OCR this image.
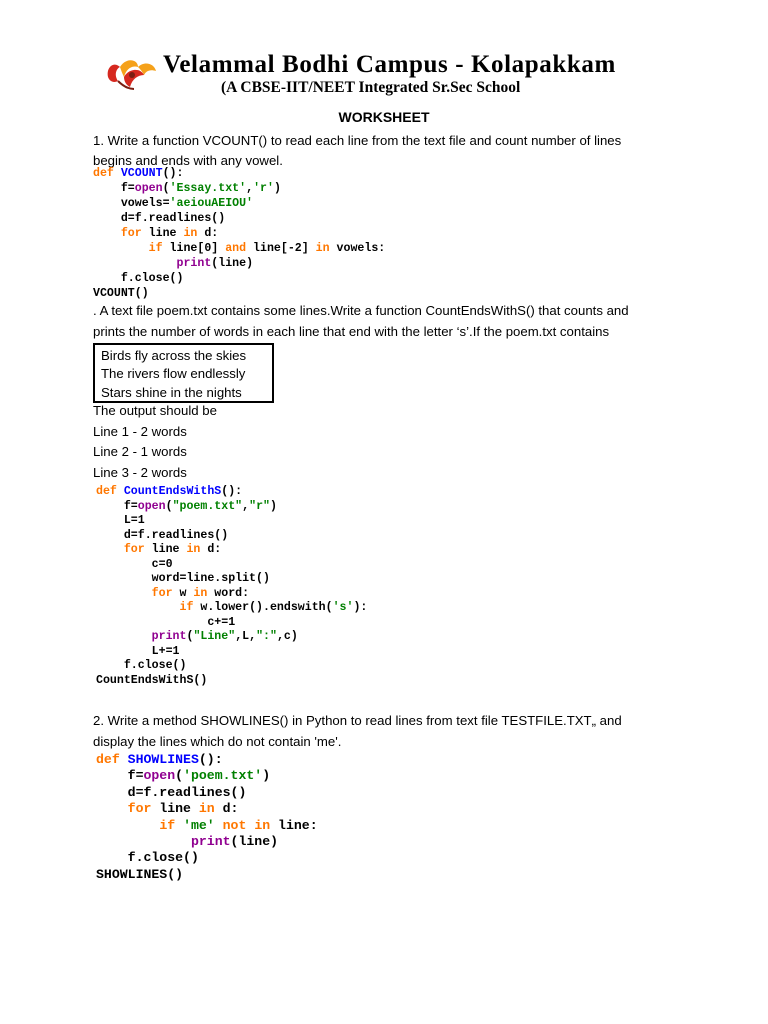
Velammal Bodhi Campus - Kolapakkam
(A CBSE-IIT/NEET Integrated Sr.Sec School
WORKSHEET
1. Write a function VCOUNT() to read each line from the text file and count number of lines
begins and ends with any vowel.
def VCOUNT():
f=open('Essay.txt','r')
vowels='aeiouAEIOU'
d=f.readlines()
for line in d:
if line[0] and line[-2] in vowels:
print(line)
f.close()
VCOUNT()
. A text file poem.txt contains some lines.Write a function CountEndsWithS() that counts and
prints the number of words in each line that end with the letter ‘s’.If the poem.txt contains
Birds fly across the skies
The rivers flow endlessly
Stars shine in the nights
The output should be
Line 1 - 2 words
Line 2 - 1 words
Line 3 - 2 words
def CountEndsWithS():
f=open("poem.txt","r")
L=1
d=f.readlines()
for line in d:
c=0
word=line.split()
for w in word:
if w.lower().endswith('s'):
c+=1
print("Line",L,":",c)
L+=1
f.close()
CountEndsWithS()
2. Write a method SHOWLINES() in Python to read lines from text file TESTFILE.TXT„ and
display the lines which do not contain 'me'.
def SHOWLINES():
f=open('poem.txt')
d=f.readlines()
for line in d:
if 'me' not in line:
print(line)
f.close()
SHOWLINES()
